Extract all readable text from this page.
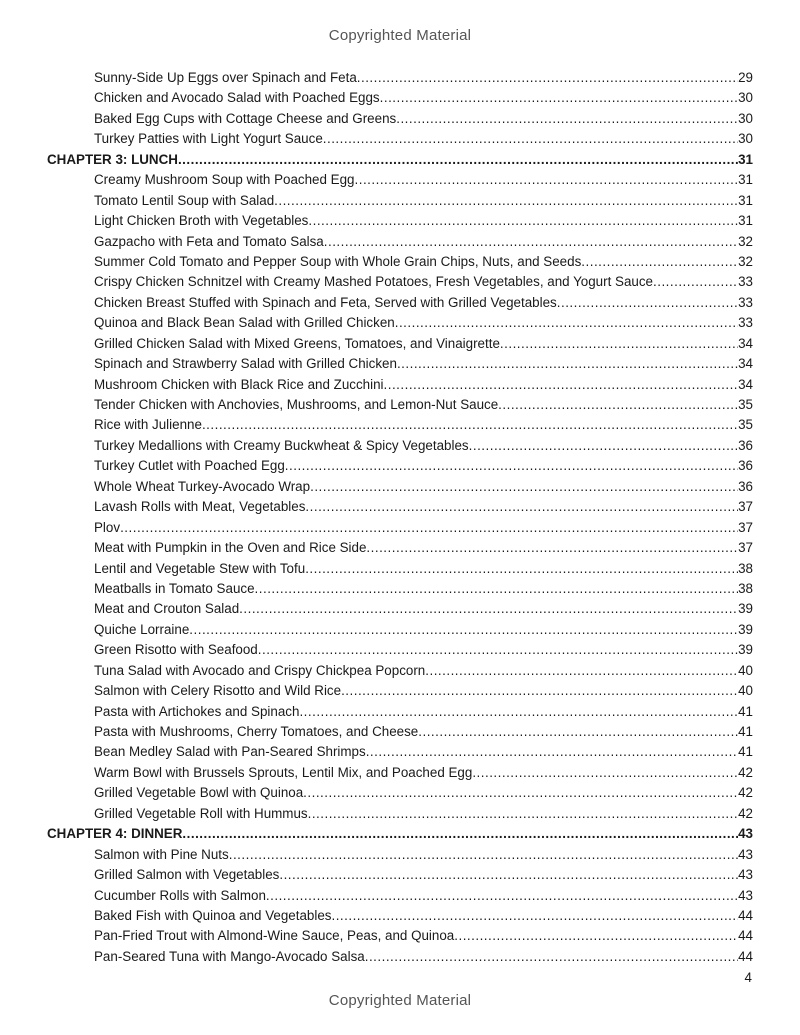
Copyrighted Material
Sunny-Side Up Eggs over Spinach and Feta .....	29
Chicken and Avocado Salad with Poached Eggs .....	30
Baked Egg Cups with Cottage Cheese and Greens .....	30
Turkey Patties with Light Yogurt Sauce .....	30
CHAPTER 3: LUNCH .....	31
Creamy Mushroom Soup with Poached Egg .....	31
Tomato Lentil Soup with Salad .....	31
Light Chicken Broth with Vegetables .....	31
Gazpacho with Feta and Tomato Salsa .....	32
Summer Cold Tomato and Pepper Soup with Whole Grain Chips, Nuts, and Seeds .....	32
Crispy Chicken Schnitzel with Creamy Mashed Potatoes, Fresh Vegetables, and Yogurt Sauce .....	33
Chicken Breast Stuffed with Spinach and Feta, Served with Grilled Vegetables .....	33
Quinoa and Black Bean Salad with Grilled Chicken .....	33
Grilled Chicken Salad with Mixed Greens, Tomatoes, and Vinaigrette .....	34
Spinach and Strawberry Salad with Grilled Chicken .....	34
Mushroom Chicken with Black Rice and Zucchini .....	34
Tender Chicken with Anchovies, Mushrooms, and Lemon-Nut Sauce .....	35
Rice with Julienne .....	35
Turkey Medallions with Creamy Buckwheat & Spicy Vegetables .....	36
Turkey Cutlet with Poached Egg .....	36
Whole Wheat Turkey-Avocado Wrap .....	36
Lavash Rolls with Meat, Vegetables .....	37
Plov .....	37
Meat with Pumpkin in the Oven and Rice Side .....	37
Lentil and Vegetable Stew with Tofu .....	38
Meatballs in Tomato Sauce .....	38
Meat and Crouton Salad .....	39
Quiche Lorraine .....	39
Green Risotto with Seafood .....	39
Tuna Salad with Avocado and Crispy Chickpea Popcorn .....	40
Salmon with Celery Risotto and Wild Rice .....	40
Pasta with Artichokes and Spinach .....	41
Pasta with Mushrooms, Cherry Tomatoes, and Cheese .....	41
Bean Medley Salad with Pan-Seared Shrimps .....	41
Warm Bowl with Brussels Sprouts, Lentil Mix, and Poached Egg .....	42
Grilled Vegetable Bowl with Quinoa .....	42
Grilled Vegetable Roll with Hummus .....	42
CHAPTER 4: DINNER .....	43
Salmon with Pine Nuts .....	43
Grilled Salmon with Vegetables .....	43
Cucumber Rolls with Salmon .....	43
Baked Fish with Quinoa and Vegetables .....	44
Pan-Fried Trout with Almond-Wine Sauce, Peas, and Quinoa .....	44
Pan-Seared Tuna with Mango-Avocado Salsa .....	44
4
Copyrighted Material
